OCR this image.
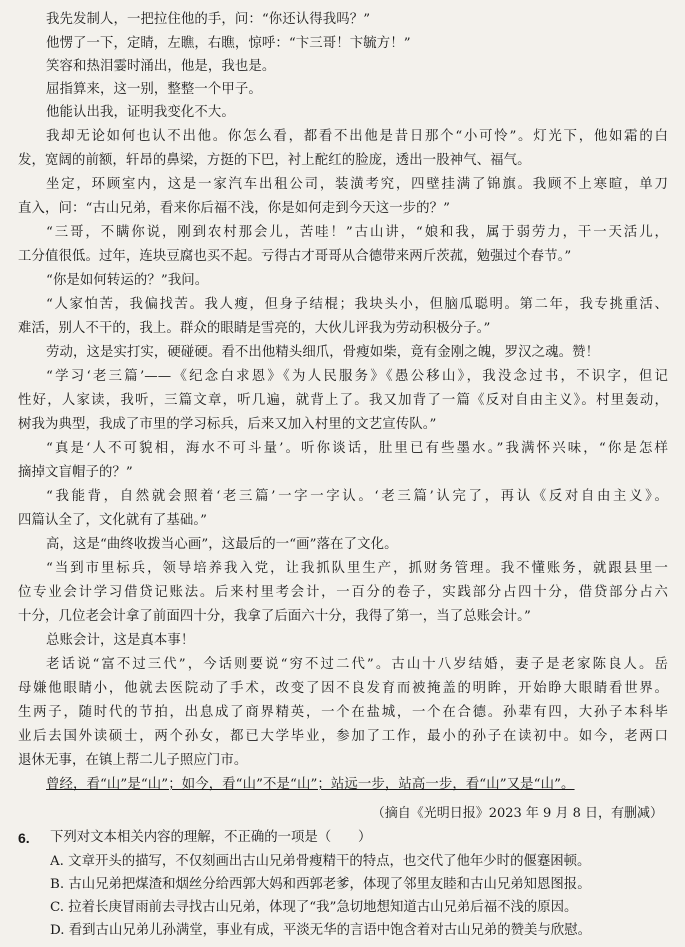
我先发制人，一把拉住他的手，问：“你还认得我吗？”
他愣了一下，定睛，左瞧，右瞧，惊呼：“卞三哥！卞毓方！”
笑容和热泪霎时涌出，他是，我也是。
屈指算来，这一别，整整一个甲子。
他能认出我，证明我变化不大。
我却无论如何也认不出他。你怎么看，都看不出他是昔日那个“小可怜”。灯光下，他如霜的白
发，宽阔的前额，轩昂的鼻梁，方挺的下巴，衬上酡红的脸庞，透出一股神气、福气。
坐定，环顾室内，这是一家汽车出租公司，装潢考究，四壁挂满了锦旗。我顾不上寒暄，单刀
直入，问：“古山兄弟，看来你后福不浅，你是如何走到今天这一步的？”
“三哥，不瞒你说，刚到农村那会儿，苦哇！”古山讲，“娘和我，属于弱劳力，干一天活儿，
工分值很低。过年，连块豆腐也买不起。亏得古才哥哥从合德带来两斤茨菰，勉强过个春节。”
“你是如何转运的？”我问。
“人家怕苦，我偏找苦。我人瘦，但身子结棍；我块头小，但脑瓜聪明。第二年，我专挑重活、
难活，别人不干的，我上。群众的眼睛是雪亮的，大伙儿评我为劳动积极分子。”
劳动，这是实打实，硬碰硬。看不出他精头细爪，骨瘦如柴，竟有金刚之魄，罗汉之魂。赞！
“学习‘老三篇’——《纪念白求恩》《为人民服务》《愚公移山》，我没念过书，不识字，但记
性好，人家读，我听，三篇文章，听几遍，就背上了。我又加背了一篇《反对自由主义》。村里轰动，
树我为典型，我成了市里的学习标兵，后来又加入村里的文艺宣传队。”
“真是‘人不可貌相，海水不可斗量’。听你谈话，肚里已有些墨水。”我满怀兴味，“你是怎样
摘掉文盲帽子的？”
“我能背，自然就会照着‘老三篇’一字一字认。‘老三篇’认完了，再认《反对自由主义》。
四篇认全了，文化就有了基础。”
高，这是“曲终收拨当心画”，这最后的一“画”落在了文化。
“当到市里标兵，领导培养我入党，让我抓队里生产，抓财务管理。我不懂账务，就跟县里一
位专业会计学习借贷记账法。后来村里考会计，一百分的卷子，实践部分占四十分，借贷部分占六
十分，几位老会计拿了前面四十分，我拿了后面六十分，我得了第一，当了总账会计。”
总账会计，这是真本事！
老话说“富不过三代”，今话则要说“穷不过二代”。古山十八岁结婚，妻子是老家陈良人。岳
母嫌他眼睛小，他就去医院动了手术，改变了因不良发育而被掩盖的明眸，开始睁大眼睛看世界。
生两子，随时代的节拍，出息成了商界精英，一个在盐城，一个在合德。孙辈有四，大孙子本科毕
业后去国外读硕士，两个孙女，都已大学毕业，参加了工作，最小的孙子在读初中。如今，老两口
退休无事，在镇上帮二儿子照应门市。
曾经，看“山”是“山”；如今，看“山”不是“山”；站远一步，站高一步，看“山”又是“山”。
（摘自《光明日报》2023 年 9 月 8 日，有删减）
6. 下列对文本相关内容的理解，不正确的一项是（　　）
A. 文章开头的描写，不仅刻画出古山兄弟骨瘦精干的特点，也交代了他年少时的偃蹇困顿。
B. 古山兄弟把煤渣和烟丝分给西郭大妈和西郭老爹，体现了邻里友睦和古山兄弟知恩图报。
C. 拉着长庚冒雨前去寻找古山兄弟，体现了“我”急切地想知道古山兄弟后福不浅的原因。
D. 看到古山兄弟儿孙满堂，事业有成，平淡无华的言语中饱含着对古山兄弟的赞美与欣慰。
